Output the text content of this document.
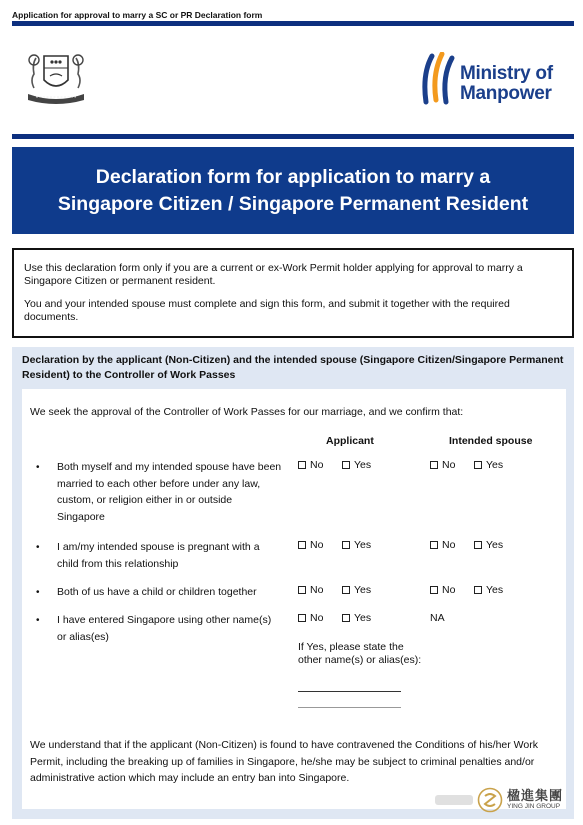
Application for approval to marry a SC or PR Declaration form
Ministry of
Manpower
Declaration form for application to marry a
Singapore Citizen / Singapore Permanent Resident

Use this declaration form only if you are a current or ex-Work Permit holder applying for approval to marry a Singapore Citizen or permanent resident.

You and your intended spouse must complete and sign this form, and submit it together with the required documents.

Declaration by the applicant (Non-Citizen) and the intended spouse (Singapore Citizen/Singapore Permanent Resident) to the Controller of Work Passes
We seek the approval of the Controller of Work Passes for our marriage, and we confirm that:
Applicant	Intended spouse
• Both myself and my intended spouse have been married to each other before under any law, custom, or religion either in or outside Singapore
No	Yes	No	Yes
• I am/my intended spouse is pregnant with a child from this relationship
No	Yes	No	Yes
• Both of us have a child or children together	No	Yes	No	Yes
• I have entered Singapore using other name(s) or alias(es)
No	Yes	NA
If Yes, please state the other name(s) or alias(es):
We understand that if the applicant (Non-Citizen) is found to have contravened the Conditions of his/her Work Permit, including the breaking up of families in Singapore, he/she may be subject to criminal penalties and/or administrative action which may include an entry ban into Singapore.
楹進集團
YING JIN GROUP
